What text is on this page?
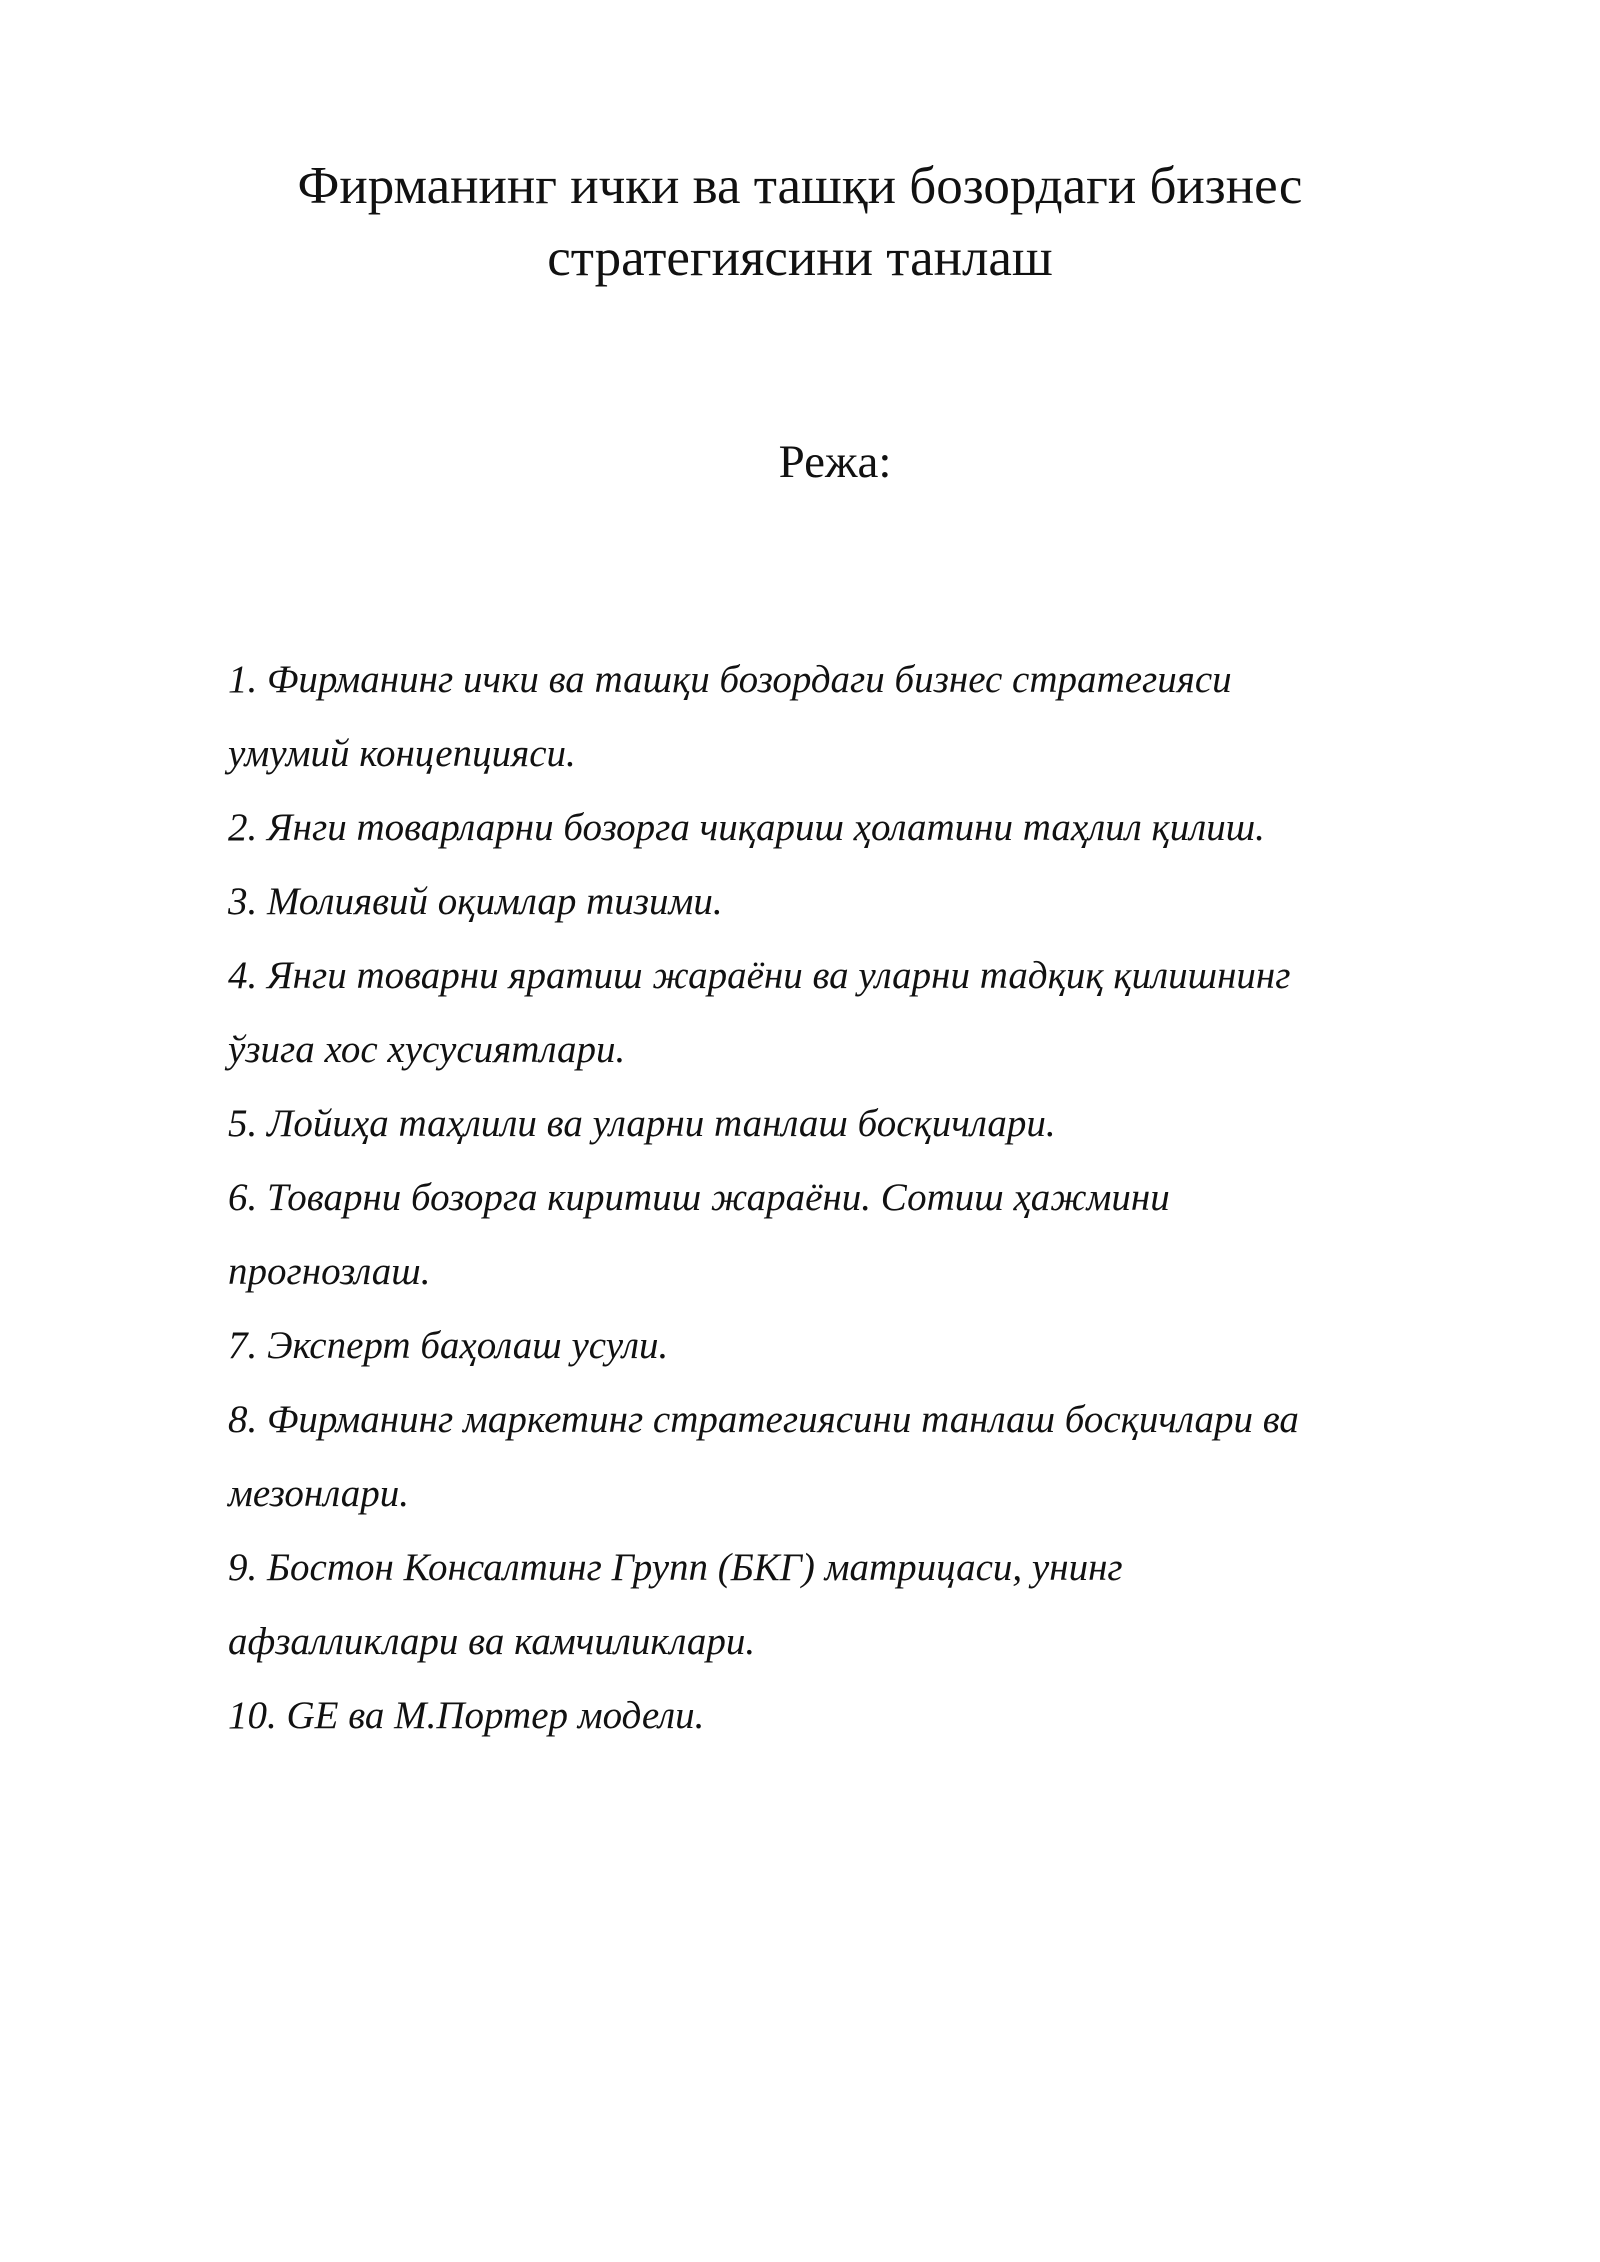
Фирманинг ички ва ташқи бозордаги бизнес
стратегиясини танлаш
Режа:
1. Фирманинг ички ва ташқи бозордаги бизнес стратегияси
умумий концепцияси.
2. Янги товарларни бозорга чиқариш ҳолатини таҳлил қилиш.
3. Молиявий оқимлар тизими.
4. Янги товарни яратиш жараёни ва уларни тадқиқ қилишнинг
ўзига хос хусусиятлари.
5. Лойиҳа таҳлили ва уларни танлаш босқичлари.
6. Товарни бозорга киритиш жараёни. Сотиш ҳажмини
прогнозлаш.
7. Эксперт баҳолаш усули.
8. Фирманинг маркетинг стратегиясини танлаш босқичлари ва
мезонлари.
9. Бостон Консалтинг Групп (БКГ) матрицаси, унинг
афзалликлари ва камчиликлари.
10. GE ва М.Портер модели.
